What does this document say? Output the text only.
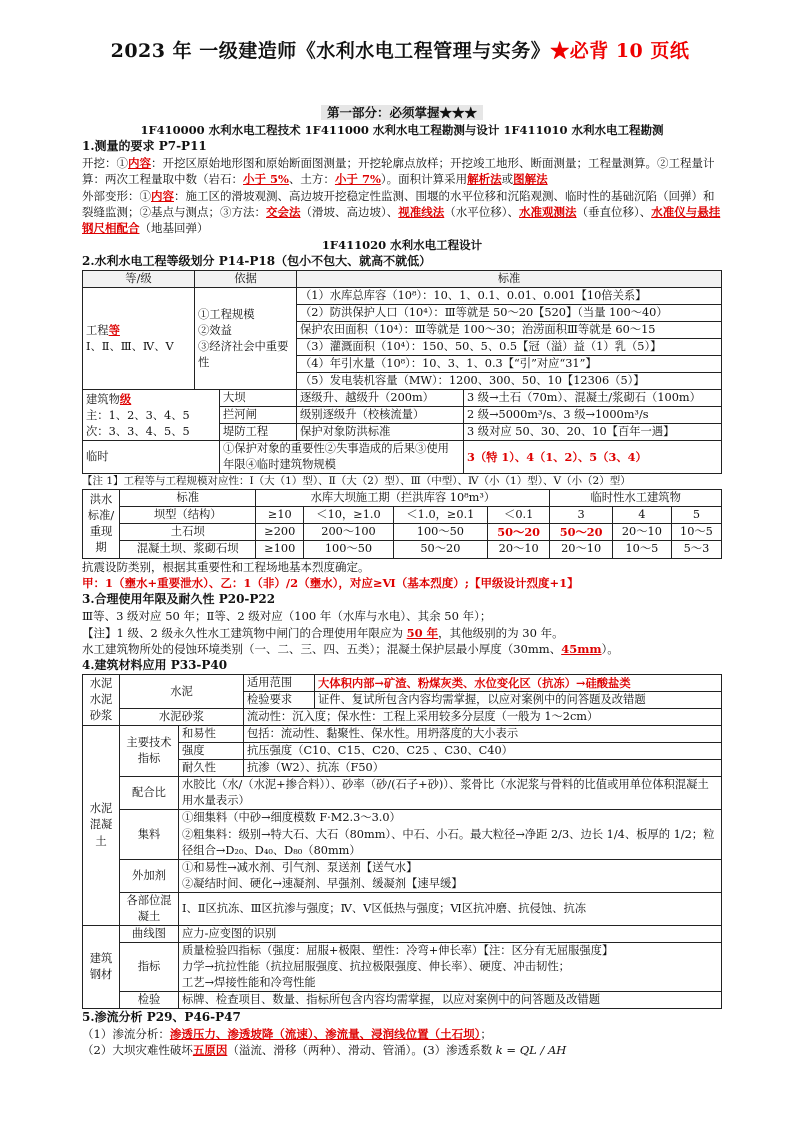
2023 年 一级建造师《水利水电工程管理与实务》★必背 10 页纸
第一部分：必须掌握★★★
1F410000 水利水电工程技术 1F411000 水利水电工程勘测与设计 1F411010 水利水电工程勘测
1.测量的要求 P7-P11
开挖：①内容：开挖区原始地形图和原始断面图测量；开挖轮廓点放样；开挖竣工地形、断面测量；工程量测算。②工程量计算：两次工程量取中数（岩石：小于 5%、土方：小于 7%）。面积计算采用解析法或图解法
外部变形：①内容：施工区的滑坡观测、高边坡开挖稳定性监测、围堰的水平位移和沉陷观测、临时性的基础沉陷（回弹）和裂缝监测；②基点与测点；③方法：交会法（滑坡、高边坡）、视准线法（水平位移）、水准观测法（垂直位移）、水准仪与悬挂钢尺相配合（地基回弹）
1F411020 水利水电工程设计
2.水利水电工程等级划分 P14-P18（包小不包大、就高不就低）
等/级	依据	标准
工程等
Ⅰ、Ⅱ、Ⅲ、Ⅳ、Ⅴ	①工程规模
②效益
③经济社会中重要性	（1）水库总库容（10⁸）：10、1、0.1、0.01、0.001【10倍关系】
		（2）防洪保护人口（10⁴）：Ⅲ等就是 50～20【520】（当量 100～40）
		保护农田面积（10⁴）：Ⅲ等就是 100～30；治涝面积Ⅲ等就是 60～15
		（3）灌溉面积（10⁴）：150、50、5、0.5【冠（溢）益（1）乳（5）】
		（4）年引水量（10⁸）：10、3、1、0.3【“引”对应“31”】
		（5）发电装机容量（MW）：1200、300、50、10【12306（5）】
建筑物级
主：1、2、3、4、5
次：3、3、4、5、5	大坝	逐级升、越级升（200m）	3 级→土石（70m）、混凝土/浆砌石（100m）
	拦河闸	级别逐级升（校核流量）	2 级→5000m³/s、3 级→1000m³/s
	堤防工程	保护对象防洪标准	3 级对应 50、30、20、10【百年一遇】
临时	①保护对象的重要性②失事造成的后果③使用年限④临时建筑物规模		3（特 1）、4（1、2）、5（3、4）
【注 1】工程等与工程规模对应性：Ⅰ（大（1）型）、Ⅱ（大（2）型）、Ⅲ（中型）、Ⅳ（小（1）型）、Ⅴ（小（2）型）
洪水标准/重现期	标准	水库大坝施工期（拦洪库容 10⁸m³）				临时性水工建筑物		
	坝型（结构）	≥10	＜10，≥1.0	＜1.0，≥0.1	＜0.1	3	4	5
	土石坝	≥200	200～100	100～50	50～20	50～20	20～10	10～5
	混凝土坝、浆砌石坝	≥100	100～50	50～20	20～10	20～10	10～5	5～3
抗震设防类别，根据其重要性和工程场地基本烈度确定。
甲：1（壅水+重要泄水）、乙：1（非）/2（壅水），对应≥Ⅵ（基本烈度）;【甲级设计烈度+1】
3.合理使用年限及耐久性 P20-P22
Ⅲ等、3 级对应 50 年；Ⅱ等、2 级对应（100 年（水库与水电）、其余 50 年）；
【注】1 级、2 级永久性水工建筑物中闸门的合理使用年限应为 50 年，其他级别的为 30 年。
水工建筑物所处的侵蚀环境类别（一、二、三、四、五类）；混凝土保护层最小厚度（30mm、45mm）。
4.建筑材料应用 P33-P40
水泥水泥砂浆	水泥		适用范围	大体积内部→矿渣、粉煤灰类、水位变化区（抗冻）→硅酸盐类
			检验要求	证件、复试所包含内容均需掌握，以应对案例中的问答题及改错题
	水泥砂浆		流动性：沉入度；保水性：工程上采用较多分层度（一般为 1～2cm）	
水泥混凝土	主要技术指标	和易性	包括：流动性、黏聚性、保水性。用坍落度的大小表示	
		强度	抗压强度（C10、C15、C20、C25 、C30、C40）	
		耐久性	抗渗（W2）、抗冻（F50）	
	配合比	水胶比（水/（水泥+掺合料））、砂率（砂/(石子+砂)）、浆骨比（水泥浆与骨料的比值或用单位体积混凝土用水量表示）		
	集料	①细集料（中砂→细度模数 F·M2.3～3.0）
②粗集料：级别→特大石、大石（80mm）、中石、小石。最大粒径→净距 2/3、边长 1/4、板厚的 1/2；粒径组合→D₂₀、D₄₀、D₈₀（80mm）		
	外加剂	①和易性→减水剂、引气剂、泵送剂【送气水】
②凝结时间、硬化→速凝剂、早强剂、缓凝剂【速早缓】		
	各部位混凝土	Ⅰ、Ⅱ区抗冻、Ⅲ区抗渗与强度；Ⅳ、Ⅴ区低热与强度；Ⅵ区抗冲磨、抗侵蚀、抗冻		
建筑钢材	曲线图	应力-应变图的识别		
	指标	质量检验四指标（强度：屈服+极限、塑性：冷弯+伸长率）【注：区分有无屈服强度】
力学→抗拉性能（抗拉屈服强度、抗拉极限强度、伸长率）、硬度、冲击韧性；
工艺→焊接性能和冷弯性能		
	检验	标牌、检查项目、数量、指标所包含内容均需掌握，以应对案例中的问答题及改错题		
5.渗流分析 P29、P46-P47
（1）渗流分析：渗透压力、渗透坡降（流速）、渗流量、浸润线位置（土石坝）；
（2）大坝灾难性破坏五原因（溢流、滑移（两种）、滑动、管涌）。(3）渗透系数 k = QL / AH
